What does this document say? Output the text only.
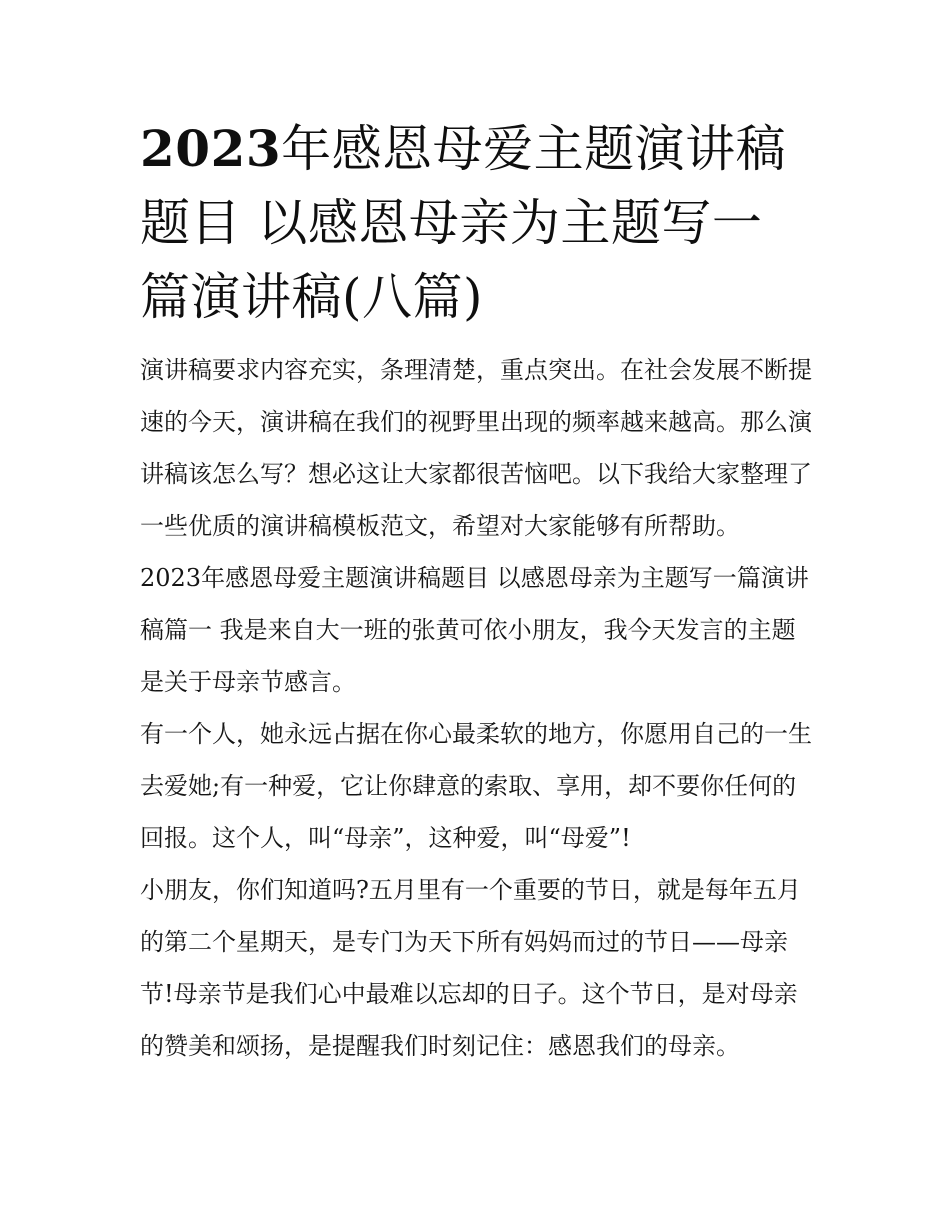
2023年感恩母爱主题演讲稿题目 以感恩母亲为主题写一篇演讲稿(八篇)

演讲稿要求内容充实，条理清楚，重点突出。在社会发展不断提速的今天，演讲稿在我们的视野里出现的频率越来越高。那么演讲稿该怎么写？想必这让大家都很苦恼吧。以下我给大家整理了一些优质的演讲稿模板范文，希望对大家能够有所帮助。

2023年感恩母爱主题演讲稿题目 以感恩母亲为主题写一篇演讲稿篇一 我是来自大一班的张黄可依小朋友，我今天发言的主题是关于母亲节感言。

有一个人，她永远占据在你心最柔软的地方，你愿用自己的一生去爱她;有一种爱，它让你肆意的索取、享用，却不要你任何的回报。这个人，叫“母亲”，这种爱，叫“母爱”!

小朋友，你们知道吗?五月里有一个重要的节日，就是每年五月的第二个星期天，是专门为天下所有妈妈而过的节日——母亲节!母亲节是我们心中最难以忘却的日子。这个节日，是对母亲的赞美和颂扬，是提醒我们时刻记住：感恩我们的母亲。
